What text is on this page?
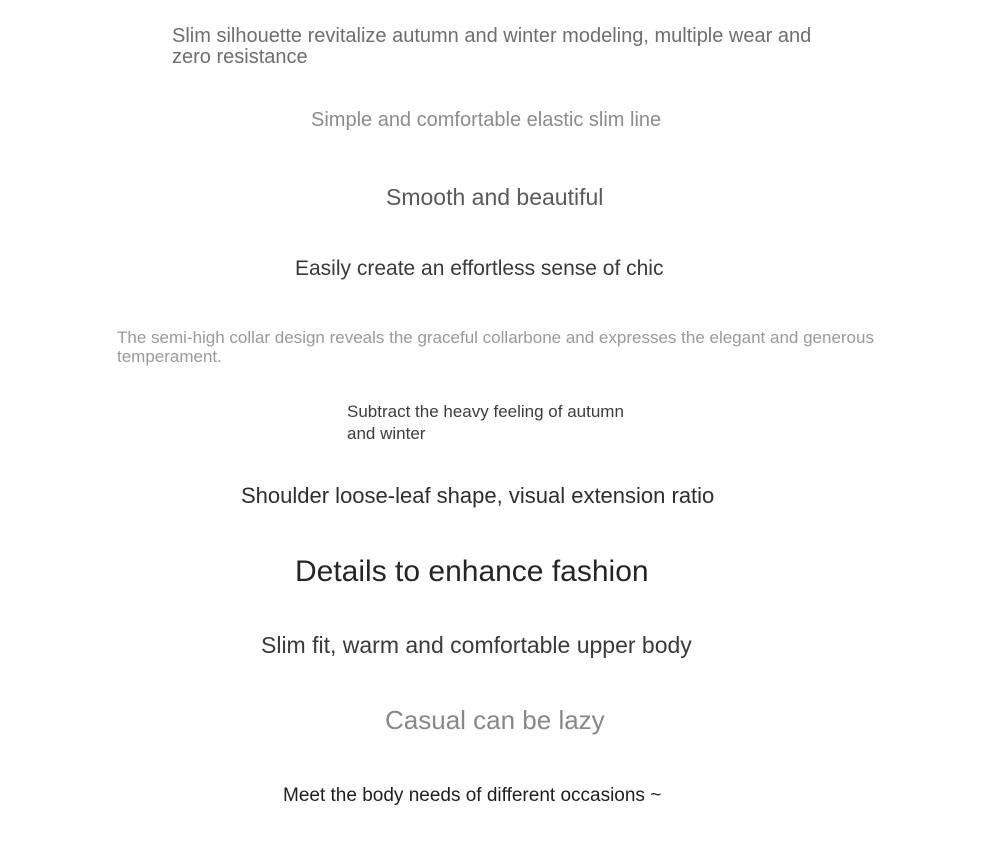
Slim silhouette revitalize autumn and winter modeling, multiple wear and zero resistance
Simple and comfortable elastic slim line
Smooth and beautiful
Easily create an effortless sense of chic
The semi-high collar design reveals the graceful collarbone and expresses the elegant and generous temperament.
Subtract the heavy feeling of autumn and winter
Shoulder loose-leaf shape, visual extension ratio
Details to enhance fashion
Slim fit, warm and comfortable upper body
Casual can be lazy
Meet the body needs of different occasions ~
